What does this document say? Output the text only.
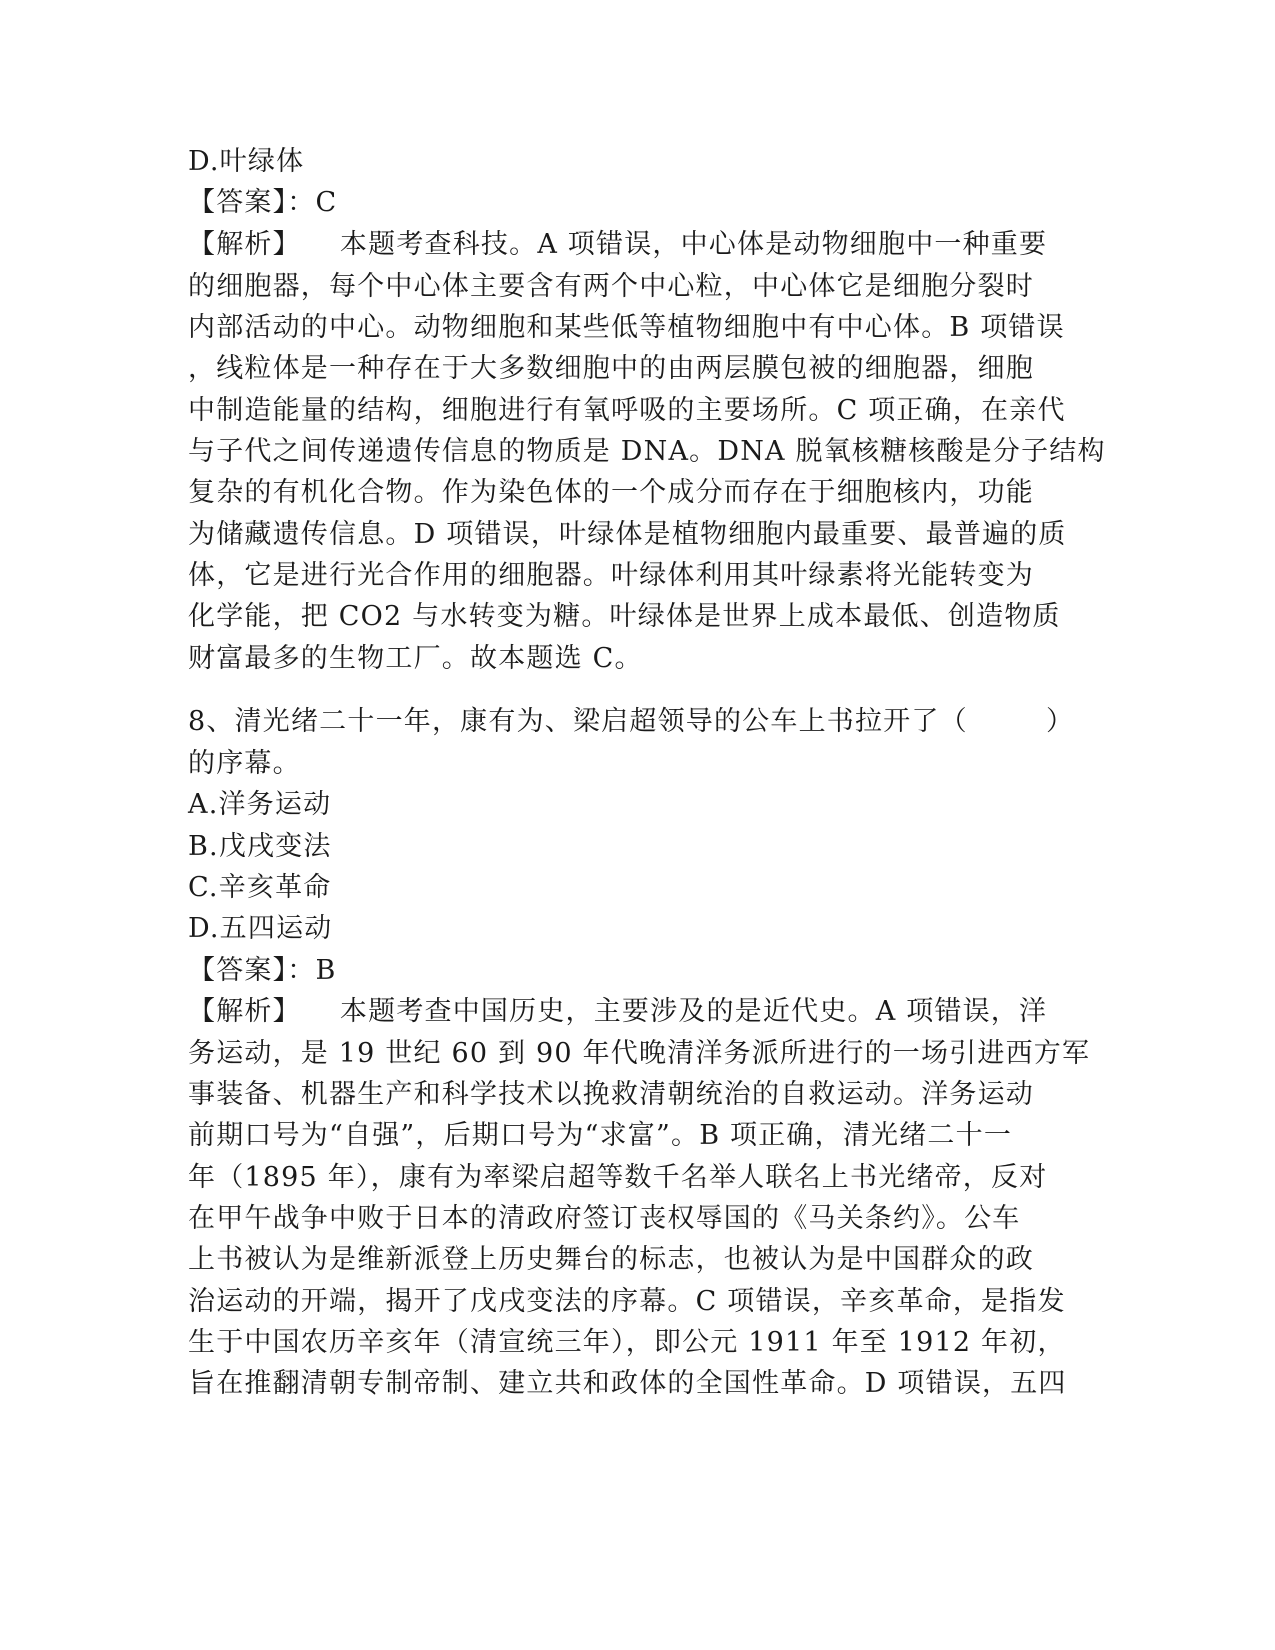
D.叶绿体
【答案】：C
【解析】    本题考查科技。A 项错误，中心体是动物细胞中一种重要
的细胞器，每个中心体主要含有两个中心粒，中心体它是细胞分裂时
内部活动的中心。动物细胞和某些低等植物细胞中有中心体。B 项错误
，线粒体是一种存在于大多数细胞中的由两层膜包被的细胞器，细胞
中制造能量的结构，细胞进行有氧呼吸的主要场所。C 项正确，在亲代
与子代之间传递遗传信息的物质是 DNA。DNA 脱氧核糖核酸是分子结构
复杂的有机化合物。作为染色体的一个成分而存在于细胞核内，功能
为储藏遗传信息。D 项错误，叶绿体是植物细胞内最重要、最普遍的质
体，它是进行光合作用的细胞器。叶绿体利用其叶绿素将光能转变为
化学能，把 CO2 与水转变为糖。叶绿体是世界上成本最低、创造物质
财富最多的生物工厂。故本题选 C。
8、清光绪二十一年，康有为、梁启超领导的公车上书拉开了（        ）
的序幕。
A.洋务运动
B.戊戌变法
C.辛亥革命
D.五四运动
【答案】：B
【解析】    本题考查中国历史，主要涉及的是近代史。A 项错误，洋
务运动，是 19 世纪 60 到 90 年代晚清洋务派所进行的一场引进西方军
事装备、机器生产和科学技术以挽救清朝统治的自救运动。洋务运动
前期口号为“自强”，后期口号为“求富”。B 项正确，清光绪二十一
年（1895 年），康有为率梁启超等数千名举人联名上书光绪帝，反对
在甲午战争中败于日本的清政府签订丧权辱国的《马关条约》。公车
上书被认为是维新派登上历史舞台的标志，也被认为是中国群众的政
治运动的开端，揭开了戊戌变法的序幕。C 项错误，辛亥革命，是指发
生于中国农历辛亥年（清宣统三年），即公元 1911 年至 1912 年初，
旨在推翻清朝专制帝制、建立共和政体的全国性革命。D 项错误，五四
